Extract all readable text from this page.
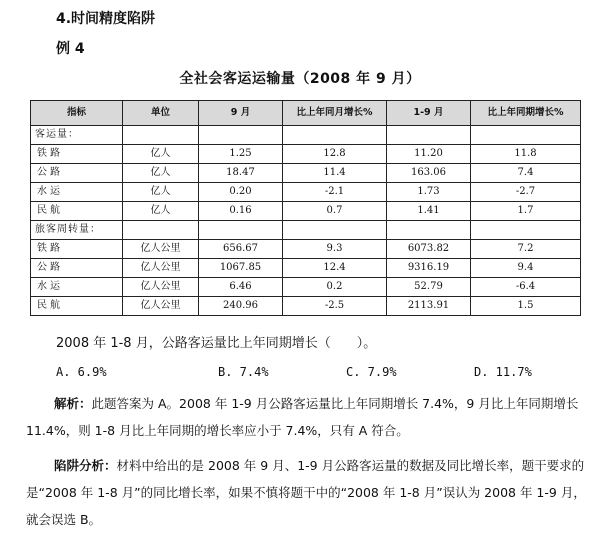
4.时间精度陷阱
例 4
全社会客运运输量（2008 年 9 月）
指标	单位	9 月	比上年同月增长%	1-9 月	比上年同期增长%
客运量：					
铁路	亿人	1.25	12.8	11.20	11.8
公路	亿人	18.47	11.4	163.06	7.4
水运	亿人	0.20	-2.1	1.73	-2.7
民航	亿人	0.16	0.7	1.41	1.7
旅客周转量：					
铁路	亿人公里	656.67	9.3	6073.82	7.2
公路	亿人公里	1067.85	12.4	9316.19	9.4
水运	亿人公里	6.46	0.2	52.79	-6.4
民航	亿人公里	240.96	-2.5	2113.91	1.5
2008 年 1-8 月，公路客运量比上年同期增长（　　）。
A. 6.9%	B. 7.4%	C. 7.9%	D. 11.7%
解析：此题答案为 A。2008 年 1-9 月公路客运量比上年同期增长 7.4%，9 月比上年同期增长 11.4%，则 1-8 月比上年同期的增长率应小于 7.4%，只有 A 符合。
陷阱分析：材料中给出的是 2008 年 9 月、1-9 月公路客运量的数据及同比增长率，题干要求的是“2008 年 1-8 月”的同比增长率，如果不慎将题干中的“2008 年 1-8 月”误认为 2008 年 1-9 月，就会误选 B。
